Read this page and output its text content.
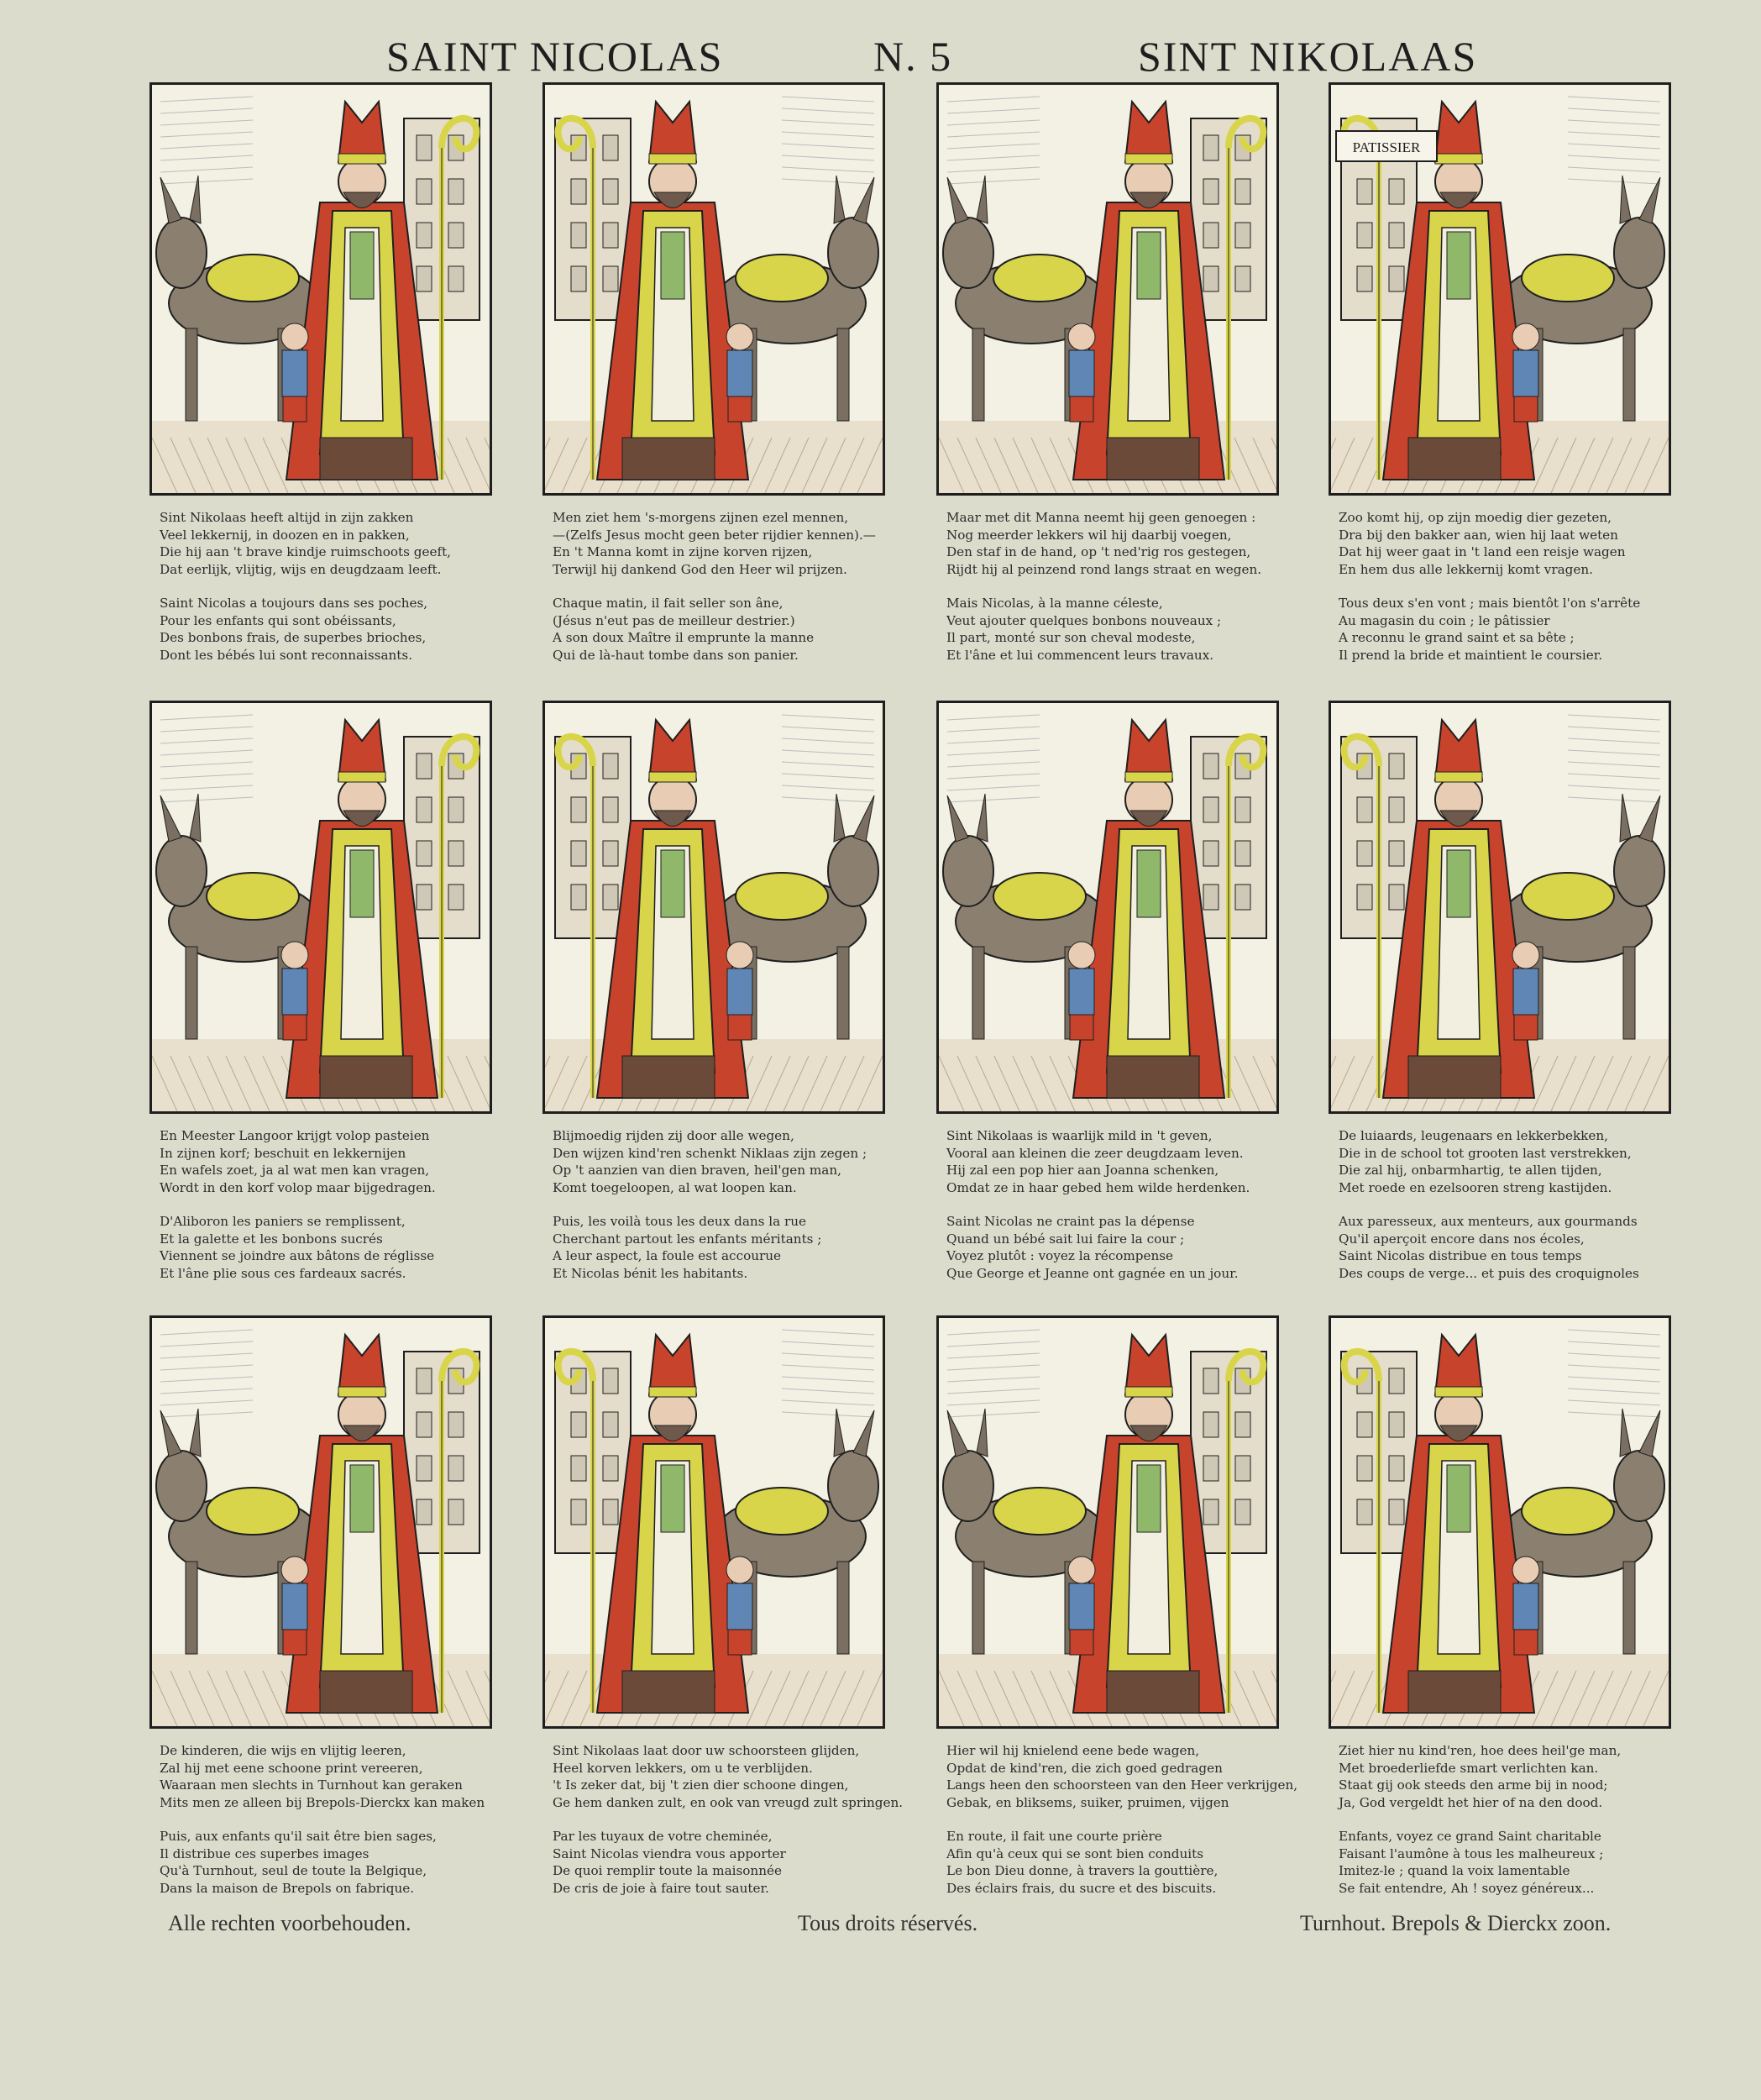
SAINT NICOLAS	N. 5	SINT NIKOLAAS
Sint Nikolaas heeft altijd in zijn zakken
Veel lekkernij, in doozen en in pakken,
Die hij aan 't brave kindje ruimschoots geeft,
Dat eerlijk, vlijtig, wijs en deugdzaam leeft.
Saint Nicolas a toujours dans ses poches,
Pour les enfants qui sont obéissants,
Des bonbons frais, de superbes brioches,
Dont les bébés lui sont reconnaissants.
Men ziet hem 's-morgens zijnen ezel mennen,
—(Zelfs Jesus mocht geen beter rijdier kennen).—
En 't Manna komt in zijne korven rijzen,
Terwijl hij dankend God den Heer wil prijzen.
Chaque matin, il fait seller son âne,
(Jésus n'eut pas de meilleur destrier.)
A son doux Maître il emprunte la manne
Qui de là-haut tombe dans son panier.
Maar met dit Manna neemt hij geen genoegen :
Nog meerder lekkers wil hij daarbij voegen,
Den staf in de hand, op 't ned'rig ros gestegen,
Rijdt hij al peinzend rond langs straat en wegen.
Mais Nicolas, à la manne céleste,
Veut ajouter quelques bonbons nouveaux ;
Il part, monté sur son cheval modeste,
Et l'âne et lui commencent leurs travaux.
PATISSIER
Zoo komt hij, op zijn moedig dier gezeten,
Dra bij den bakker aan, wien hij laat weten
Dat hij weer gaat in 't land een reisje wagen
En hem dus alle lekkernij komt vragen.
Tous deux s'en vont ; mais bientôt l'on s'arrête
Au magasin du coin ; le pâtissier
A reconnu le grand saint et sa bête ;
Il prend la bride et maintient le coursier.
En Meester Langoor krijgt volop pasteien
In zijnen korf; beschuit en lekkernijen
En wafels zoet, ja al wat men kan vragen,
Wordt in den korf volop maar bijgedragen.
D'Aliboron les paniers se remplissent,
Et la galette et les bonbons sucrés
Viennent se joindre aux bâtons de réglisse
Et l'âne plie sous ces fardeaux sacrés.
Blijmoedig rijden zij door alle wegen,
Den wijzen kind'ren schenkt Niklaas zijn zegen ;
Op 't aanzien van dien braven, heil'gen man,
Komt toegeloopen, al wat loopen kan.
Puis, les voilà tous les deux dans la rue
Cherchant partout les enfants méritants ;
A leur aspect, la foule est accourue
Et Nicolas bénit les habitants.
Sint Nikolaas is waarlijk mild in 't geven,
Vooral aan kleinen die zeer deugdzaam leven.
Hij zal een pop hier aan Joanna schenken,
Omdat ze in haar gebed hem wilde herdenken.
Saint Nicolas ne craint pas la dépense
Quand un bébé sait lui faire la cour ;
Voyez plutôt : voyez la récompense
Que George et Jeanne ont gagnée en un jour.
De luiaards, leugenaars en lekkerbekken,
Die in de school tot grooten last verstrekken,
Die zal hij, onbarmhartig, te allen tijden,
Met roede en ezelsooren streng kastijden.
Aux paresseux, aux menteurs, aux gourmands
Qu'il aperçoit encore dans nos écoles,
Saint Nicolas distribue en tous temps
Des coups de verge... et puis des croquignoles
De kinderen, die wijs en vlijtig leeren,
Zal hij met eene schoone print vereeren,
Waaraan men slechts in Turnhout kan geraken
Mits men ze alleen bij Brepols-Dierckx kan maken
Puis, aux enfants qu'il sait être bien sages,
Il distribue ces superbes images
Qu'à Turnhout, seul de toute la Belgique,
Dans la maison de Brepols on fabrique.
Sint Nikolaas laat door uw schoorsteen glijden,
Heel korven lekkers, om u te verblijden.
't Is zeker dat, bij 't zien dier schoone dingen,
Ge hem danken zult, en ook van vreugd zult springen.
Par les tuyaux de votre cheminée,
Saint Nicolas viendra vous apporter
De quoi remplir toute la maisonnée
De cris de joie à faire tout sauter.
Hier wil hij knielend eene bede wagen,
Opdat de kind'ren, die zich goed gedragen
Langs heen den schoorsteen van den Heer verkrijgen,
Gebak, en bliksems, suiker, pruimen, vijgen
En route, il fait une courte prière
Afin qu'à ceux qui se sont bien conduits
Le bon Dieu donne, à travers la gouttière,
Des éclairs frais, du sucre et des biscuits.
Ziet hier nu kind'ren, hoe dees heil'ge man,
Met broederliefde smart verlichten kan.
Staat gij ook steeds den arme bij in nood;
Ja, God vergeldt het hier of na den dood.
Enfants, voyez ce grand Saint charitable
Faisant l'aumône à tous les malheureux ;
Imitez-le ; quand la voix lamentable
Se fait entendre, Ah ! soyez généreux...
Alle rechten voorbehouden.	Tous droits réservés.	Turnhout. Brepols & Dierckx zoon.
